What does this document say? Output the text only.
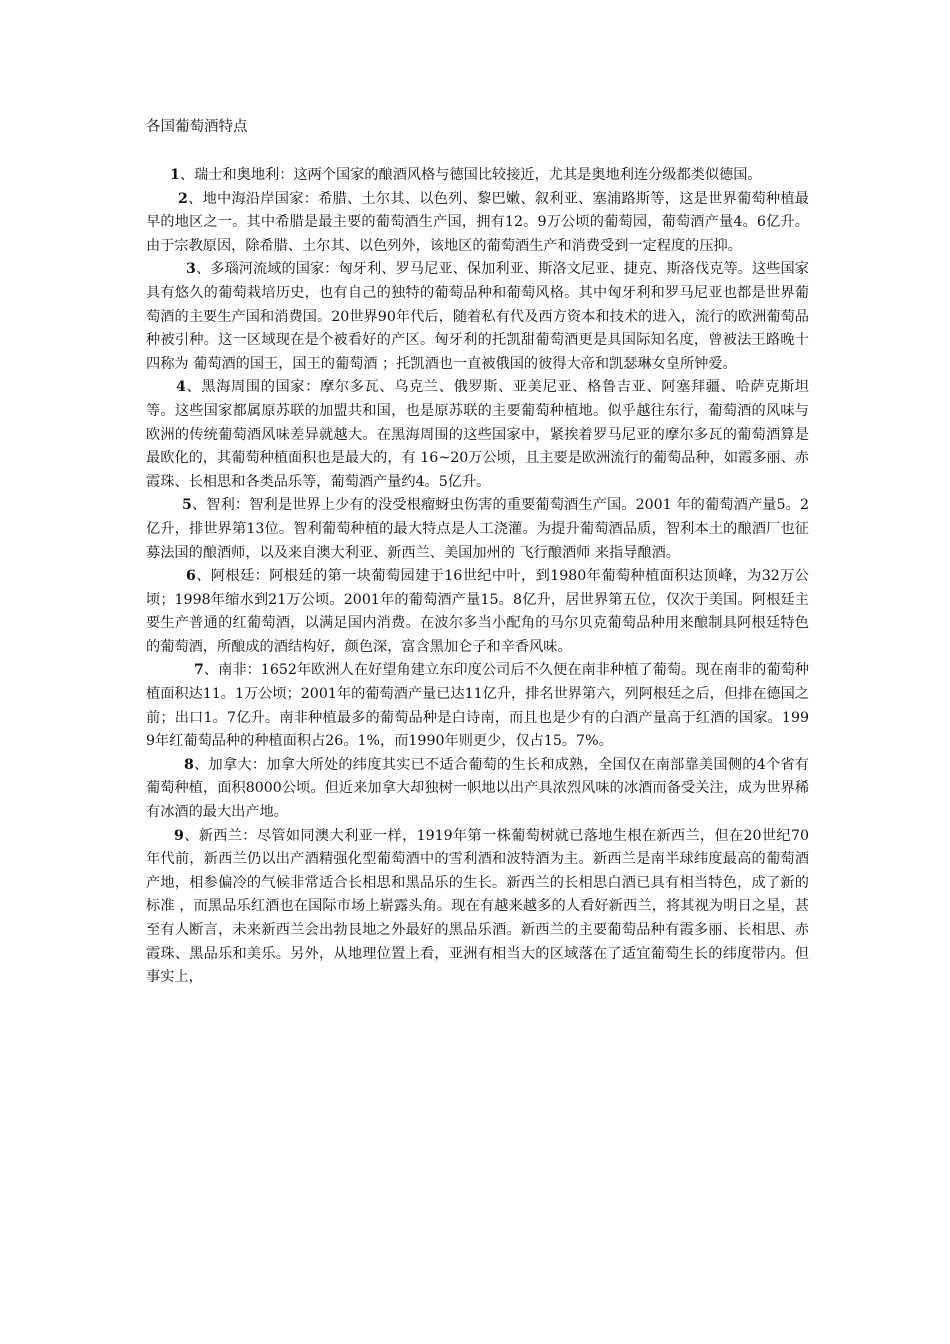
各国葡萄酒特点

1、瑞士和奥地利：这两个国家的酿酒风格与德国比较接近，尤其是奥地利连分级都类似德国。

2、地中海沿岸国家：希腊、土尔其、以色列、黎巴嫩、叙利亚、塞浦路斯等，这是世界葡萄种植最早的地区之一。其中希腊是最主要的葡萄酒生产国，拥有12。9万公顷的葡萄园，葡萄酒产量4。6亿升。由于宗教原因，除希腊、土尔其、以色列外，该地区的葡萄酒生产和消费受到一定程度的压抑。

3、多瑙河流域的国家：匈牙利、罗马尼亚、保加利亚、斯洛文尼亚、捷克、斯洛伐克等。这些国家具有悠久的葡萄栽培历史，也有自己的独特的葡萄品种和葡萄风格。其中匈牙利和罗马尼亚也都是世界葡萄酒的主要生产国和消费国。20世界90年代后，随着私有代及西方资本和技术的进入，流行的欧洲葡萄品种被引种。这一区域现在是个被看好的产区。匈牙利的托凯甜葡萄酒更是具国际知名度，曾被法王路晚十四称为 葡萄酒的国王，国王的葡萄酒 ；托凯酒也一直被俄国的彼得大帝和凯瑟琳女皇所钟爱。

4、黑海周围的国家：摩尔多瓦、乌克兰、俄罗斯、亚美尼亚、格鲁吉亚、阿塞拜疆、哈萨克斯坦等。这些国家都属原苏联的加盟共和国，也是原苏联的主要葡萄种植地。似乎越往东行，葡萄酒的风味与欧洲的传统葡萄酒风味差异就越大。在黑海周围的这些国家中，紧挨着罗马尼亚的摩尔多瓦的葡萄酒算是最欧化的，其葡萄种植面积也是最大的，有 16~20万公顷，且主要是欧洲流行的葡萄品种，如霞多丽、赤霞珠、长相思和各类品乐等，葡萄酒产量约4。5亿升。

5、智利：智利是世界上少有的没受根瘤蚜虫伤害的重要葡萄酒生产国。2001 年的葡萄酒产量5。2亿升，排世界第13位。智利葡萄种植的最大特点是人工浇灌。为提升葡萄酒品质，智利本土的酿酒厂也征募法国的酿酒师，以及来自澳大利亚、新西兰、美国加州的 飞行酿酒师 来指导酿酒。

6、阿根廷：阿根廷的第一块葡萄园建于16世纪中叶，到1980年葡萄种植面积达顶峰，为32万公顷；1998年缩水到21万公顷。2001年的葡萄酒产量15。8亿升，居世界第五位，仅次于美国。阿根廷主要生产普通的红葡萄酒，以满足国内消费。在波尔多当小配角的马尔贝克葡萄品种用来酿制具阿根廷特色的葡萄酒，所酿成的酒结构好，颜色深，富含黑加仑子和辛香风味。

7、南非：1652年欧洲人在好望角建立东印度公司后不久便在南非种植了葡萄。现在南非的葡萄种植面积达11。1万公顷；2001年的葡萄酒产量已达11亿升，排名世界第六，列阿根廷之后，但排在德国之前；出口1。7亿升。南非种植最多的葡萄品种是白诗南，而且也是少有的白酒产量高于红酒的国家。1999年红葡萄品种的种植面积占26。1%，而1990年则更少，仅占15。7%。

8、加拿大：加拿大所处的纬度其实已不适合葡萄的生长和成熟，全国仅在南部靠美国侧的4个省有葡萄种植，面积8000公顷。但近来加拿大却独树一帜地以出产具浓烈风味的冰酒而备受关注，成为世界稀有冰酒的最大出产地。

9、新西兰：尽管如同澳大利亚一样，1919年第一株葡萄树就已落地生根在新西兰，但在20世纪70年代前，新西兰仍以出产酒精强化型葡萄酒中的雪利酒和波特酒为主。新西兰是南半球纬度最高的葡萄酒产地，相参偏冷的气候非常适合长相思和黑品乐的生长。新西兰的长相思白酒已具有相当特色，成了新的 标准 ，而黑品乐红酒也在国际市场上崭露头角。现在有越来越多的人看好新西兰，将其视为明日之星，甚至有人断言，未来新西兰会出勃艮地之外最好的黑品乐酒。新西兰的主要葡萄品种有霞多丽、长相思、赤霞珠、黑品乐和美乐。另外，从地理位置上看，亚洲有相当大的区域落在了适宜葡萄生长的纬度带内。但事实上，
